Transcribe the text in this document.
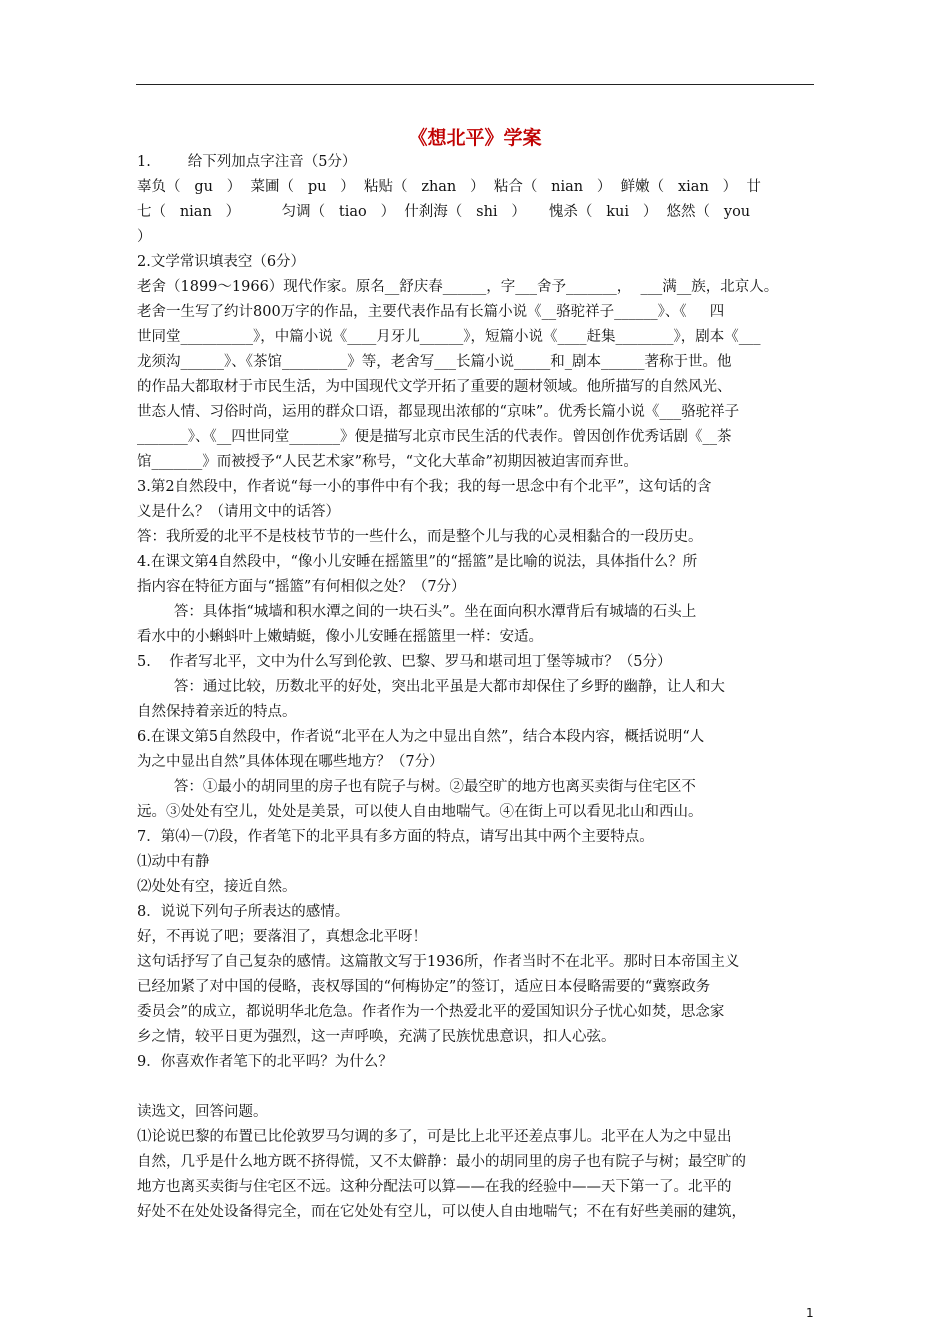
《想北平》学案
1.        给下列加点字注音（5分）
辜负（   gu   ）  菜圃（   pu   ）  粘贴（   zhan   ）  粘合（   nian   ）  鲜嫩（   xian   ）  廿
七（   nian   ）         匀调（   tiao   ）  什刹海（   shi   ）     愧杀（   kui   ）  悠然（   you
）
2.文学常识填表空（6分）
老舍（1899～1966）现代作家。原名__舒庆春______，字___舍予_______，  ___满__族，北京人。
老舍一生写了约计800万字的作品，主要代表作品有长篇小说《__骆驼祥子______》、《     四
世同堂__________》，中篇小说《____月牙儿______》，短篇小说《____赶集________》，剧本《___
龙须沟______》、《茶馆_________》等，老舍写___长篇小说_____和_剧本______著称于世。他
的作品大都取材于市民生活，为中国现代文学开拓了重要的题材领域。他所描写的自然风光、
世态人情、习俗时尚，运用的群众口语，都显现出浓郁的“京味”。优秀长篇小说《___骆驼祥子
_______》、《__四世同堂_______》便是描写北京市民生活的代表作。曾因创作优秀话剧《__茶
馆_______》而被授予“人民艺术家”称号，“文化大革命”初期因被迫害而弃世。
3.第2自然段中，作者说“每一小的事件中有个我；我的每一思念中有个北平”，这句话的含
义是什么？（请用文中的话答）
答：我所爱的北平不是枝枝节节的一些什么，而是整个儿与我的心灵相黏合的一段历史。
4.在课文第4自然段中，“像小儿安睡在摇篮里”的“摇篮”是比喻的说法，具体指什么？所
指内容在特征方面与“摇篮”有何相似之处？（7分）
答：具体指“城墙和积水潭之间的一块石头”。坐在面向积水潭背后有城墙的石头上
看水中的小蝌蚪叶上嫩蜻蜓，像小儿安睡在摇篮里一样：安适。
5.    作者写北平，文中为什么写到伦敦、巴黎、罗马和堪司坦丁堡等城市？（5分）
答：通过比较，历数北平的好处，突出北平虽是大都市却保住了乡野的幽静，让人和大
自然保持着亲近的特点。
6.在课文第5自然段中，作者说“北平在人为之中显出自然”，结合本段内容，概括说明“人
为之中显出自然”具体体现在哪些地方？（7分）
答：①最小的胡同里的房子也有院子与树。②最空旷的地方也离买卖街与住宅区不
远。③处处有空儿，处处是美景，可以使人自由地喘气。④在街上可以看见北山和西山。
7．第⑷－⑺段，作者笔下的北平具有多方面的特点，请写出其中两个主要特点。
⑴动中有静
⑵处处有空，接近自然。
8．说说下列句子所表达的感情。
好，不再说了吧；要落泪了，真想念北平呀！
这句话抒写了自己复杂的感情。这篇散文写于1936所，作者当时不在北平。那时日本帝国主义
已经加紧了对中国的侵略，丧权辱国的“何梅协定”的签订，适应日本侵略需要的“冀察政务
委员会”的成立，都说明华北危急。作者作为一个热爱北平的爱国知识分子忧心如焚，思念家
乡之情，较平日更为强烈，这一声呼唤，充满了民族忧患意识，扣人心弦。
9．你喜欢作者笔下的北平吗？为什么？
读选文，回答问题。
⑴论说巴黎的布置已比伦敦罗马匀调的多了，可是比上北平还差点事儿。北平在人为之中显出
自然，几乎是什么地方既不挤得慌，又不太僻静：最小的胡同里的房子也有院子与树；最空旷的
地方也离买卖街与住宅区不远。这种分配法可以算——在我的经验中——天下第一了。北平的
好处不在处处设备得完全，而在它处处有空儿，可以使人自由地喘气；不在有好些美丽的建筑，
1
